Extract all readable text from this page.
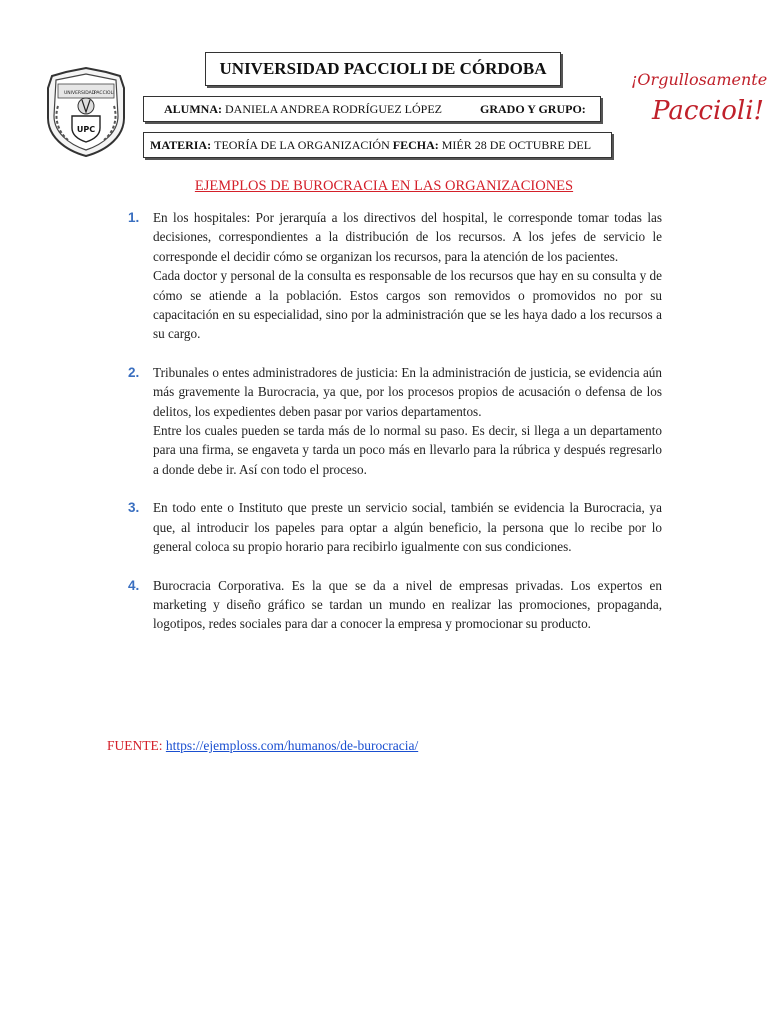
UNIVERSIDAD
PACCIOLI
UPC
UNIVERSIDAD PACCIOLI DE CÓRDOBA
ALUMNA:
DANIELA ANDREA RODRÍGUEZ LÓPEZ	GRADO Y GRUPO:
MATERIA:
TEORÍA DE LA ORGANIZACIÓN
FECHA:
MIÉR 28 DE OCTUBRE DEL
¡Orgullosamente
Paccioli!
EJEMPLOS DE BUROCRACIA EN LAS ORGANIZACIONES
1. En los hospitales: Por jerarquía a los directivos del hospital, le corresponde tomar todas las decisiones, correspondientes a la distribución de los recursos. A los jefes de servicio le corresponde el decidir cómo se organizan los recursos, para la atención de los pacientes.

Cada doctor y personal de la consulta es responsable de los recursos que hay en su consulta y de cómo se atiende a la población. Estos cargos son removidos o promovidos no por su capacitación en su especialidad, sino por la administración que se les haya dado a los recursos a su cargo.

2. Tribunales o entes administradores de justicia: En la administración de justicia, se evidencia aún más gravemente la Burocracia, ya que, por los procesos propios de acusación o defensa de los delitos, los expedientes deben pasar por varios departamentos.

Entre los cuales pueden se tarda más de lo normal su paso. Es decir, si llega a un departamento para una firma, se engaveta y tarda un poco más en llevarlo para la rúbrica y después regresarlo a donde debe ir. Así con todo el proceso.

3. En todo ente o Instituto que preste un servicio social, también se evidencia la Burocracia, ya que, al introducir los papeles para optar a algún beneficio, la persona que lo recibe por lo general coloca su propio horario para recibirlo igualmente con sus condiciones.

4. Burocracia Corporativa. Es la que se da a nivel de empresas privadas. Los expertos en marketing y diseño gráfico se tardan un mundo en realizar las promociones, propaganda, logotipos, redes sociales para dar a conocer la empresa y promocionar su producto.

FUENTE: https://ejemploss.com/humanos/de-burocracia/
